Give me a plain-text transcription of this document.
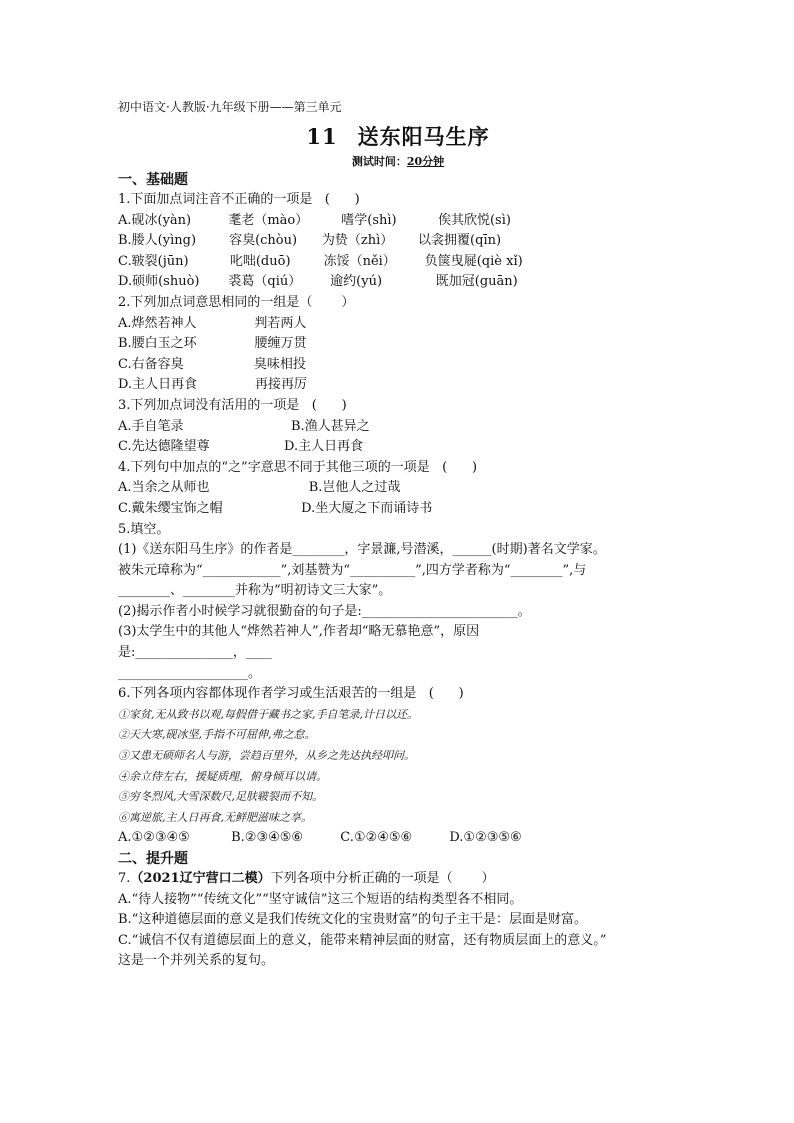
初中语文·人教版·九年级下册——第三单元
11 送东阳马生序
测试时间：20分钟
一、基础题
1.下面加点词注音不正确的一项是   (      )
A.砚冰(yàn)         耄老（mào）        嗜学(shì)          俟其欣悦(sì)
B.媵人(yìng)        容臭(chòu)      为贽（zhì）      以衾拥覆(qīn)
C.皲裂(jūn)          叱咄(duō)        冻馁（něi）       负箧曳屣(qiè xǐ)
D.硕师(shuò)       裘葛（qiú）       逾约(yú)             既加冠(guān)
2.下列加点词意思相同的一组是（       ）
A.烨然若神人              判若两人
B.腰白玉之环              腰缠万贯
C.右备容臭                 臭味相投
D.主人日再食              再接再厉
3.下列加点词没有活用的一项是   (      )
A.手自笔录                          B.渔人甚异之
C.先达德隆望尊                  D.主人日再食
4.下列句中加点的“之”字意思不同于其他三项的一项是   (      )
A.当余之从师也                        B.岂他人之过哉
C.戴朱缨宝饰之帽                   D.坐大厦之下而诵诗书
5.填空。
(1)《送东阳马生序》的作者是________，字景濂,号潜溪，______(时期)著名文学家。
被朱元璋称为“____________”,刘基赞为“__________”,四方学者称为“________”,与
________、________并称为“明初诗文三大家”。
(2)揭示作者小时候学习就很勤奋的句子是:________________________。
(3)太学生中的其他人“烨然若神人”,作者却“略无慕艳意”，原因
是:_______________，____
____________________。
6.下列各项内容都体现作者学习或生活艰苦的一组是   (      )
①家贫,无从致书以观,每假借于藏书之家,手自笔录,计日以还。
②天大寒,砚冰坚,手指不可屈伸,弗之怠。
③又患无硕师名人与游，尝趋百里外，从乡之先达执经叩问。
④余立侍左右，援疑质理，俯身倾耳以请。
⑤穷冬烈风,大雪深数尺,足肤皲裂而不知。
⑥寓逆旅,主人日再食,无鲜肥滋味之享。
A.①②③④⑤          B.②③④⑤⑥         C.①②④⑤⑥         D.①②③⑤⑥
二、提升题
7.（2021辽宁营口二模）下列各项中分析正确的一项是（       ）
A.“待人接物”“传统文化”“坚守诚信”这三个短语的结构类型各不相同。
B.“这种道德层面的意义是我们传统文化的宝贵财富”的句子主干是：层面是财富。
C.“诚信不仅有道德层面上的意义，能带来精神层面的财富，还有物质层面上的意义。”
这是一个并列关系的复句。
